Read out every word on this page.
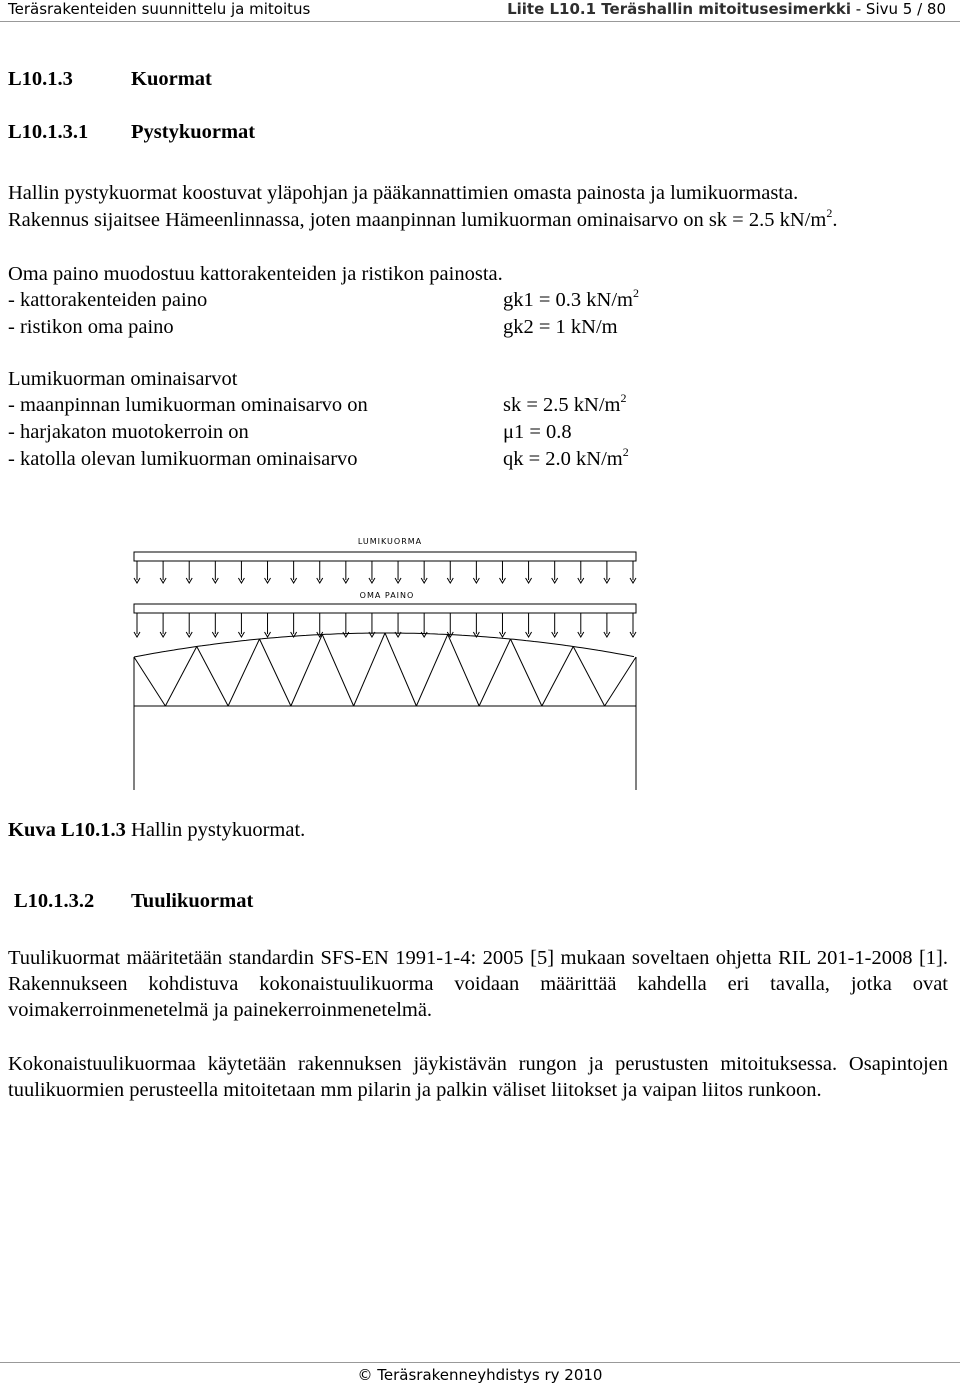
Teräsrakenteiden suunnittelu ja mitoitus	Liite L10.1 Teräshallin mitoitusesimerkki - Sivu 5 / 80
L10.1.3	Kuormat
L10.1.3.1 Pystykuormat
Hallin pystykuormat koostuvat yläpohjan ja pääkannattimien omasta painosta ja lumikuormasta.
Rakennus sijaitsee Hämeenlinnassa, joten maanpinnan lumikuorman ominaisarvo on sk = 2.5 $kN/m^2$.
Oma paino muodostuu kattorakenteiden ja ristikon painosta.
- kattorakenteiden paino	gk1 = 0.3 $kN/m^2$
- ristikon oma paino	gk2 = 1 kN/m
Lumikuorman ominaisarvot
- maanpinnan lumikuorman ominaisarvo on	sk = 2.5 $kN/m^2$
- harjakaton muotokerroin on	μ1 = 0.8
- katolla olevan lumikuorman ominaisarvo	qk = 2.0 $kN/m^2$
LUMIKUORMA
OMA PAINO
Kuva L10.1.3 Hallin pystykuormat.
L10.1.3.2 Tuulikuormat
Tuulikuormat määritetään standardin SFS-EN 1991-1-4: 2005 [5] mukaan soveltaen ohjetta RIL 201-1-2008 [1]. Rakennukseen kohdistuva kokonaistuulikuorma voidaan määrittää kahdella eri tavalla, jotka ovat voimakerroinmenetelmä ja painekerroinmenetelmä.
Kokonaistuulikuormaa käytetään rakennuksen jäykistävän rungon ja perustusten mitoituksessa. Osapintojen tuulikuormien perusteella mitoitetaan mm pilarin ja palkin väliset liitokset ja vaipan liitos runkoon.
© Teräsrakenneyhdistys ry 2010
